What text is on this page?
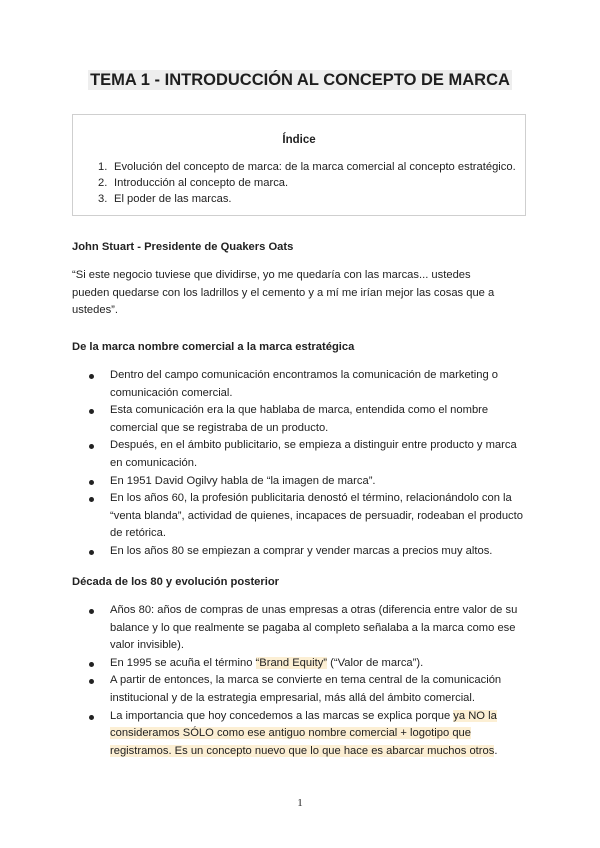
TEMA 1 - INTRODUCCIÓN AL CONCEPTO DE MARCA
Índice
1. Evolución del concepto de marca: de la marca comercial al concepto estratégico.
2. Introducción al concepto de marca.
3. El poder de las marcas.
John Stuart - Presidente de Quakers Oats
“Si este negocio tuviese que dividirse, yo me quedaría con las marcas... ustedes
pueden quedarse con los ladrillos y el cemento y a mí me irían mejor las cosas que a
ustedes”.
De la marca nombre comercial a la marca estratégica
Dentro del campo comunicación encontramos la comunicación de marketing o
comunicación comercial.
Esta comunicación era la que hablaba de marca, entendida como el nombre
comercial que se registraba de un producto.
Después, en el ámbito publicitario, se empieza a distinguir entre producto y marca
en comunicación.
En 1951 David Ogilvy habla de “la imagen de marca”.
En los años 60, la profesión publicitaria denostó el término, relacionándolo con la
“venta blanda”, actividad de quienes, incapaces de persuadir, rodeaban el producto
de retórica.
En los años 80 se empiezan a comprar y vender marcas a precios muy altos.
Década de los 80 y evolución posterior
Años 80: años de compras de unas empresas a otras (diferencia entre valor de su
balance y lo que realmente se pagaba al completo señalaba a la marca como ese
valor invisible).
En 1995 se acuña el término “Brand Equity” (“Valor de marca”).
A partir de entonces, la marca se convierte en tema central de la comunicación
institucional y de la estrategia empresarial, más allá del ámbito comercial.
La importancia que hoy concedemos a las marcas se explica porque ya NO la
consideramos SÓLO como ese antiguo nombre comercial + logotipo que
registramos. Es un concepto nuevo que lo que hace es abarcar muchos otros.
1
